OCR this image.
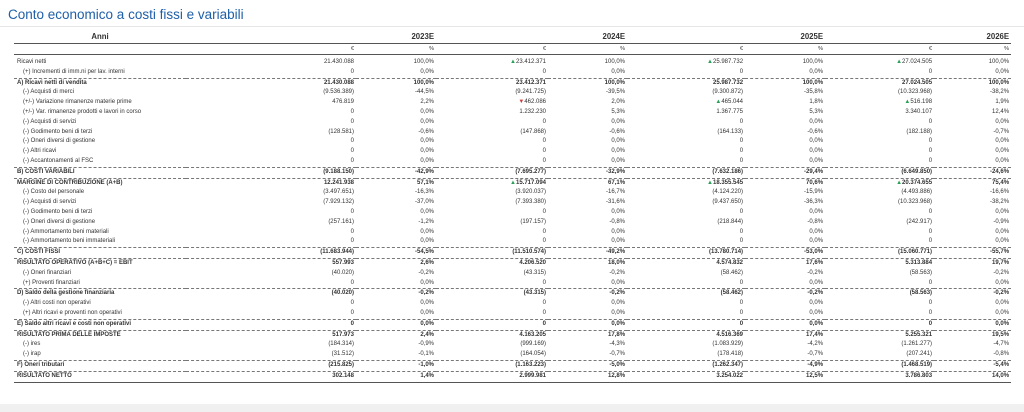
Conto economico a costi fissi e variabili
Anni	2023E		2024E		2025E		2026E	
	€	%	€	%	€	%	€	%

Ricavi netti	21.430.088	100,0%	▲23.412.371	100,0%	▲25.987.732	100,0%	▲27.024.505	100,0%
(+) Incrementi di imm.ni per lav. interni	0	0,0%	0	0,0%	0	0,0%	0	0,0%
A) Ricavi netti di vendita	21.430.088	100,0%	23.412.371	100,0%	25.987.732	100,0%	27.024.505	100,0%
(-) Acquisti di merci	(9.536.389)	-44,5%	(9.241.725)	-39,5%	(9.300.872)	-35,8%	(10.323.968)	-38,2%
(+/-) Variazione rimanenze materie prime	476.819	2,2%	▼462.086	2,0%	▲465.044	1,8%	▲516.198	1,9%
(+/-) Var. rimanenze prodotti e lavori in corso	0	0,0%	1.232.230	5,3%	1.367.775	5,3%	3.340.107	12,4%
(-) Acquisti di servizi	0	0,0%	0	0,0%	0	0,0%	0	0,0%
(-) Godimento beni di terzi	(128.581)	-0,6%	(147.868)	-0,6%	(164.133)	-0,6%	(182.188)	-0,7%
(-) Oneri diversi di gestione	0	0,0%	0	0,0%	0	0,0%	0	0,0%
(-) Altri ricavi	0	0,0%	0	0,0%	0	0,0%	0	0,0%
(-) Accantonamenti al FSC	0	0,0%	0	0,0%	0	0,0%	0	0,0%
B) COSTI VARIABILI	(9.188.150)	-42,9%	(7.695.277)	-32,9%	(7.632.186)	-29,4%	(6.649.850)	-24,6%
MARGINE DI CONTRIBUZIONE (A+B)	12.241.938	57,1%	▲15.717.094	67,1%	▲18.355.545	70,6%	▲20.374.655	75,4%
(-) Costo del personale	(3.497.651)	-16,3%	(3.920.037)	-16,7%	(4.124.220)	-15,9%	(4.493.886)	-16,6%
(-) Acquisti di servizi	(7.929.132)	-37,0%	(7.393.380)	-31,6%	(9.437.650)	-36,3%	(10.323.968)	-38,2%
(-) Godimento beni di terzi	0	0,0%	0	0,0%	0	0,0%	0	0,0%
(-) Oneri diversi di gestione	(257.161)	-1,2%	(197.157)	-0,8%	(218.844)	-0,8%	(242.917)	-0,9%
(-) Ammortamento beni materiali	0	0,0%	0	0,0%	0	0,0%	0	0,0%
(-) Ammortamento beni immateriali	0	0,0%	0	0,0%	0	0,0%	0	0,0%
C) COSTI FISSI	(11.683.944)	-54,5%	(11.510.574)	-49,2%	(13.780.714)	-53,0%	(15.060.771)	-55,7%
RISULTATO OPERATIVO (A+B+C) = EBIT	557.993	2,6%	4.206.520	18,0%	4.574.832	17,6%	5.313.884	19,7%
(-) Oneri finanziari	(40.020)	-0,2%	(43.315)	-0,2%	(58.462)	-0,2%	(58.563)	-0,2%
(+) Proventi finanziari	0	0,0%	0	0,0%	0	0,0%	0	0,0%
D) Saldo della gestione finanziaria	(40.020)	-0,2%	(43.315)	-0,2%	(58.462)	-0,2%	(58.563)	-0,2%
(-) Altri costi non operativi	0	0,0%	0	0,0%	0	0,0%	0	0,0%
(+) Altri ricavi e proventi non operativi	0	0,0%	0	0,0%	0	0,0%	0	0,0%
E) Saldo altri ricavi e costi non operativi	0	0,0%	0	0,0%	0	0,0%	0	0,0%
RISULTATO PRIMA DELLE IMPOSTE	517.973	2,4%	4.163.205	17,8%	4.516.369	17,4%	5.255.321	19,5%
(-) ires	(184.314)	-0,9%	(999.169)	-4,3%	(1.083.929)	-4,2%	(1.261.277)	-4,7%
(-) irap	(31.512)	-0,1%	(164.054)	-0,7%	(178.418)	-0,7%	(207.241)	-0,8%
F) Oneri tributari	(215.825)	-1,0%	(1.163.223)	-5,0%	(1.262.347)	-4,9%	(1.468.519)	-5,4%
RISULTATO NETTO	302.148	1,4%	2.999.981	12,8%	3.254.022	12,5%	3.786.803	14,0%
